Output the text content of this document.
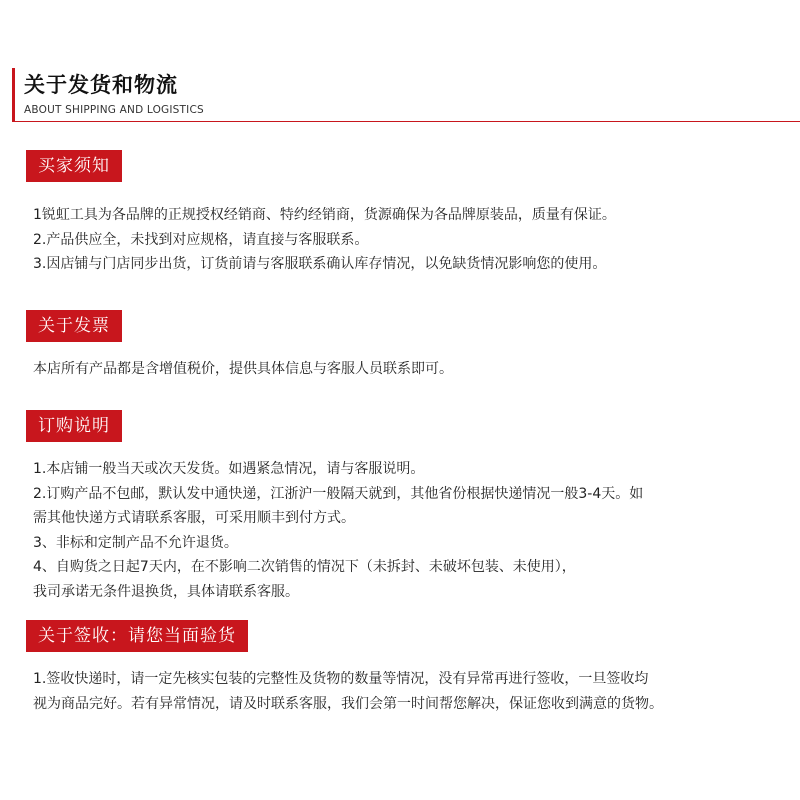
关于发货和物流
ABOUT SHIPPING AND LOGISTICS
买家须知

1锐虹工具为各品牌的正规授权经销商、特约经销商，货源确保为各品牌原装品，质量有保证。

2.产品供应全，未找到对应规格，请直接与客服联系。

3.因店铺与门店同步出货，订货前请与客服联系确认库存情况，以免缺货情况影响您的使用。

关于发票

本店所有产品都是含增值税价，提供具体信息与客服人员联系即可。

订购说明

1.本店铺一般当天或次天发货。如遇紧急情况，请与客服说明。

2.订购产品不包邮，默认发中通快递，江浙沪一般隔天就到，其他省份根据快递情况一般3-4天。如

需其他快递方式请联系客服，可采用顺丰到付方式。

3、非标和定制产品不允许退货。

4、自购货之日起7天内，在不影响二次销售的情况下（未拆封、未破坏包装、未使用），

我司承诺无条件退换货，具体请联系客服。

关于签收：请您当面验货

1.签收快递时，请一定先核实包装的完整性及货物的数量等情况，没有异常再进行签收，一旦签收均

视为商品完好。若有异常情况，请及时联系客服，我们会第一时间帮您解决，保证您收到满意的货物。
